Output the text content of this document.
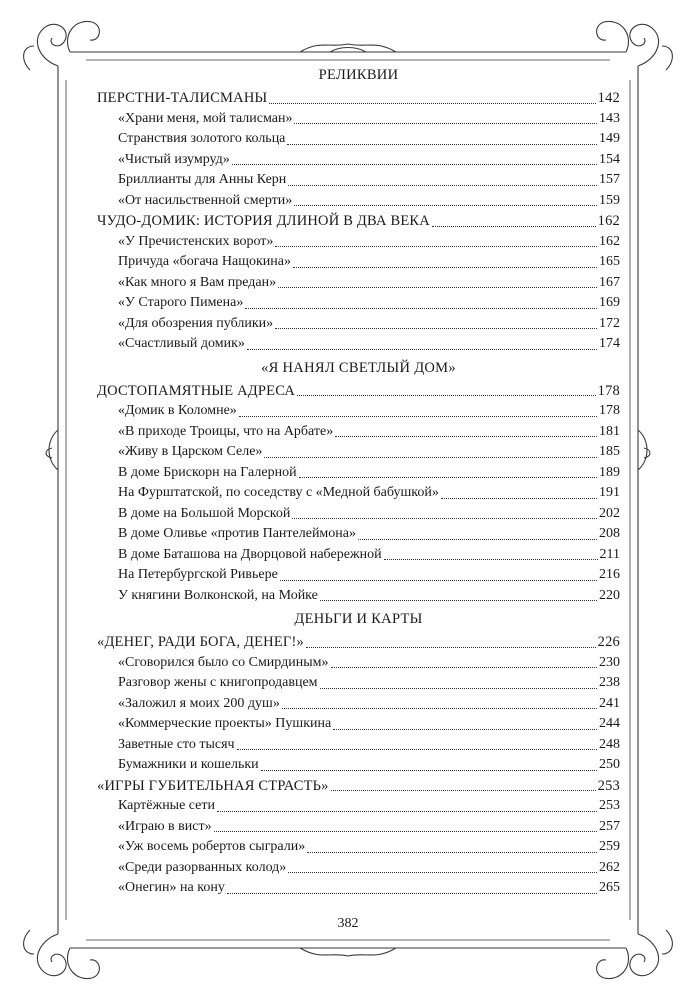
РЕЛИКВИИ
ПЕРСТНИ-ТАЛИСМАНЫ	142
«Храни меня, мой талисман»	143
Странствия золотого кольца	149
«Чистый изумруд»	154
Бриллианты для Анны Керн	157
«От насильственной смерти»	159
ЧУДО-ДОМИК: ИСТОРИЯ ДЛИНОЙ В ДВА ВЕКА	162
«У Пречистенских ворот»	162
Причуда «богача Нащокина»	165
«Как много я Вам предан»	167
«У Старого Пимена»	169
«Для обозрения публики»	172
«Счастливый домик»	174
«Я НАНЯЛ СВЕТЛЫЙ ДОМ»
ДОСТОПАМЯТНЫЕ АДРЕСА	178
«Домик в Коломне»	178
«В приходе Троицы, что на Арбате»	181
«Живу в Царском Селе»	185
В доме Брискорн на Галерной	189
На Фурштатской, по соседству с «Медной бабушкой»	191
В доме на Большой Морской	202
В доме Оливье «против Пантелеймона»	208
В доме Баташова на Дворцовой набережной	211
На Петербургской Ривьере	216
У княгини Волконской, на Мойке	220
ДЕНЬГИ И КАРТЫ
«ДЕНЕГ, РАДИ БОГА, ДЕНЕГ!»	226
«Сговорился было со Смирдиным»	230
Разговор жены с книгопродавцем	238
«Заложил я моих 200 душ»	241
«Коммерческие проекты» Пушкина	244
Заветные сто тысяч	248
Бумажники и кошельки	250
«ИГРЫ ГУБИТЕЛЬНАЯ СТРАСТЬ»	253
Картёжные сети	253
«Играю в вист»	257
«Уж восемь робертов сыграли»	259
«Среди разорванных колод»	262
«Онегин» на кону	265
382
